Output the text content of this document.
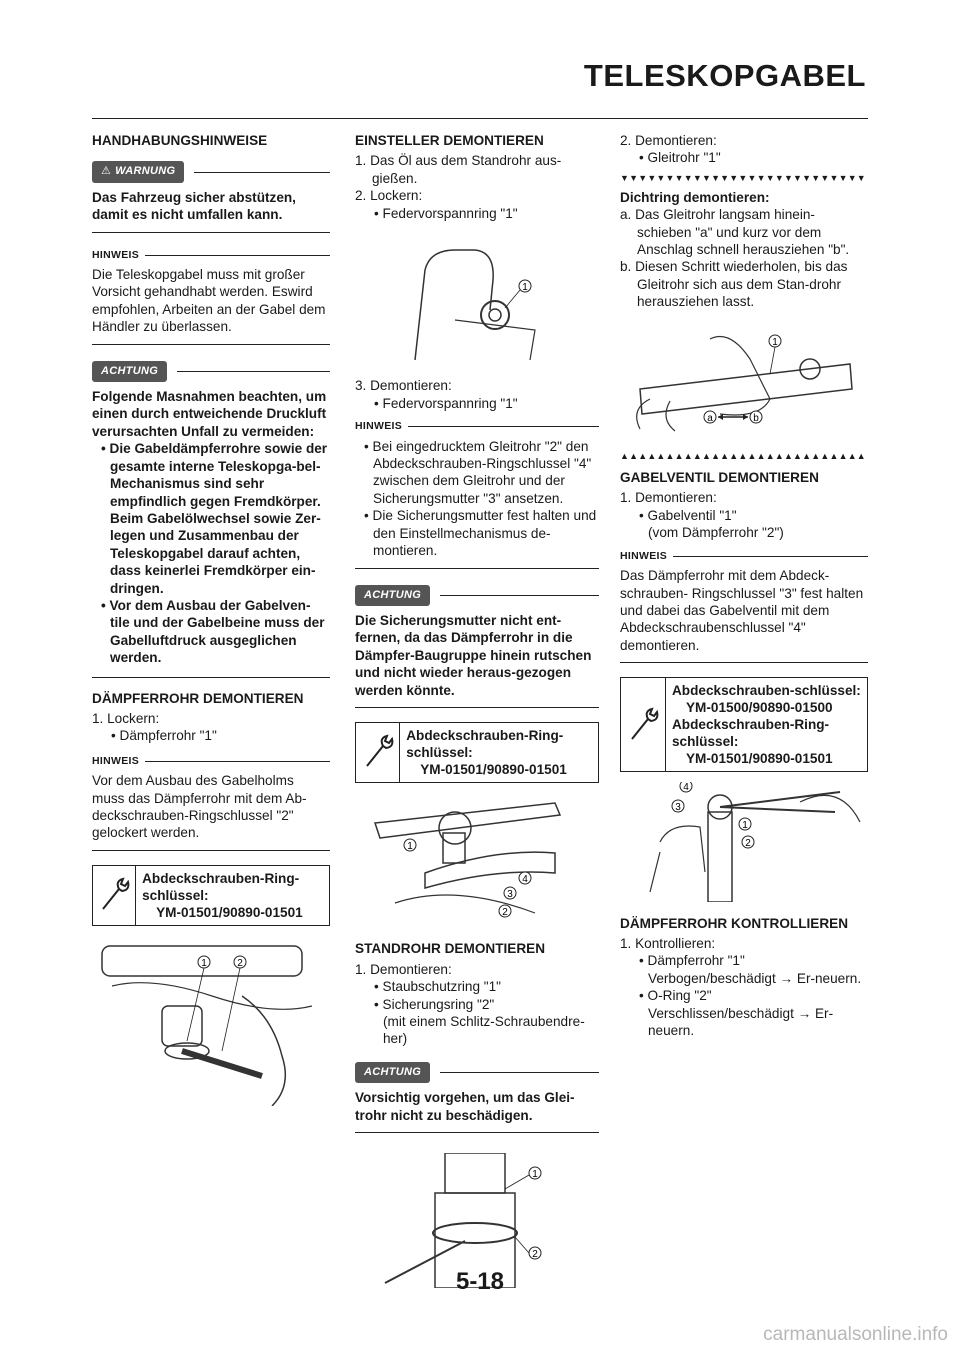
TELESKOPGABEL

HANDHABUNGSHINWEISE

⚠ WARNUNG

Das Fahrzeug sicher abstützen, damit es nicht umfallen kann.

HINWEIS

Die Teleskopgabel muss mit großer Vorsicht gehandhabt werden. Eswird empfohlen, Arbeiten an der Gabel dem Händler zu überlassen.

ACHTUNG

Folgende Masnahmen beachten, um einen durch entweichende Druckluft verursachten Unfall zu vermeiden:

• Die Gabeldämpferrohre sowie der gesamte interne Teleskopga-bel- Mechanismus sind sehr empfindlich gegen Fremdkörper. Beim Gabelölwechsel sowie Zer-legen und Zusammenbau der Teleskopgabel darauf achten, dass keinerlei Fremdkörper ein-dringen.

• Vor dem Ausbau der Gabelven-tile und der Gabelbeine muss der Gabelluftdruck ausgeglichen werden.

DÄMPFERROHR DEMONTIEREN

1. Lockern:

• Dämpferrohr "1"

HINWEIS

Vor dem Ausbau des Gabelholms muss das Dämpferrohr mit dem Ab-deckschrauben-Ringschlussel "2" gelockert werden.

Abdeckschrauben-Ring-schlüssel:
YM-01501/90890-01501
1	2

EINSTELLER DEMONTIEREN

1. Das Öl aus dem Standrohr aus-gießen.

2. Lockern:

• Federvorspannring "1"

1

3. Demontieren:

• Federvorspannring "1"

HINWEIS

• Bei eingedrucktem Gleitrohr "2" den Abdeckschrauben-Ringschlussel "4" zwischen dem Gleitrohr und der Sicherungsmutter "3" ansetzen.

• Die Sicherungsmutter fest halten und den Einstellmechanismus de-montieren.

ACHTUNG

Die Sicherungsmutter nicht ent-fernen, da das Dämpferrohr in die Dämpfer-Baugruppe hinein rutschen und nicht wieder heraus-gezogen werden könnte.

Abdeckschrauben-Ring-schlüssel:
YM-01501/90890-01501
1
4
3
2

STANDROHR DEMONTIEREN

1. Demontieren:

• Staubschutzring "1"

• Sicherungsring "2"

(mit einem Schlitz-Schraubendre-her)

ACHTUNG

Vorsichtig vorgehen, um das Glei-trohr nicht zu beschädigen.

1
2

2. Demontieren:

• Gleitrohr "1"

▼▼▼▼▼▼▼▼▼▼▼▼▼▼▼▼▼▼▼▼▼▼▼▼▼▼▼

Dichtring demontieren:

a. Das Gleitrohr langsam hinein-schieben "a" und kurz vor dem Anschlag schnell herausziehen "b".

b. Diesen Schritt wiederholen, bis das Gleitrohr sich aus dem Stan-drohr herausziehen lasst.

1
a	b
▲▲▲▲▲▲▲▲▲▲▲▲▲▲▲▲▲▲▲▲▲▲▲▲▲▲▲

GABELVENTIL DEMONTIEREN

1. Demontieren:

• Gabelventil "1"

(vom Dämpferrohr "2")

HINWEIS

Das Dämpferrohr mit dem Abdeck-schrauben- Ringschlussel "3" fest halten und dabei das Gabelventil mit dem Abdeckschraubenschlussel "4" demontieren.

Abdeckschrauben-schlüssel:
YM-01500/90890-01500
Abdeckschrauben-Ring-schlüssel:
YM-01501/90890-01501
4
3
1
2

DÄMPFERROHR KONTROLLIEREN

1. Kontrollieren:

• Dämpferrohr "1"

Verbogen/beschädigt → Er-neuern.

• O-Ring "2"

Verschlissen/beschädigt → Er-neuern.

5-18
carmanualsonline.info
